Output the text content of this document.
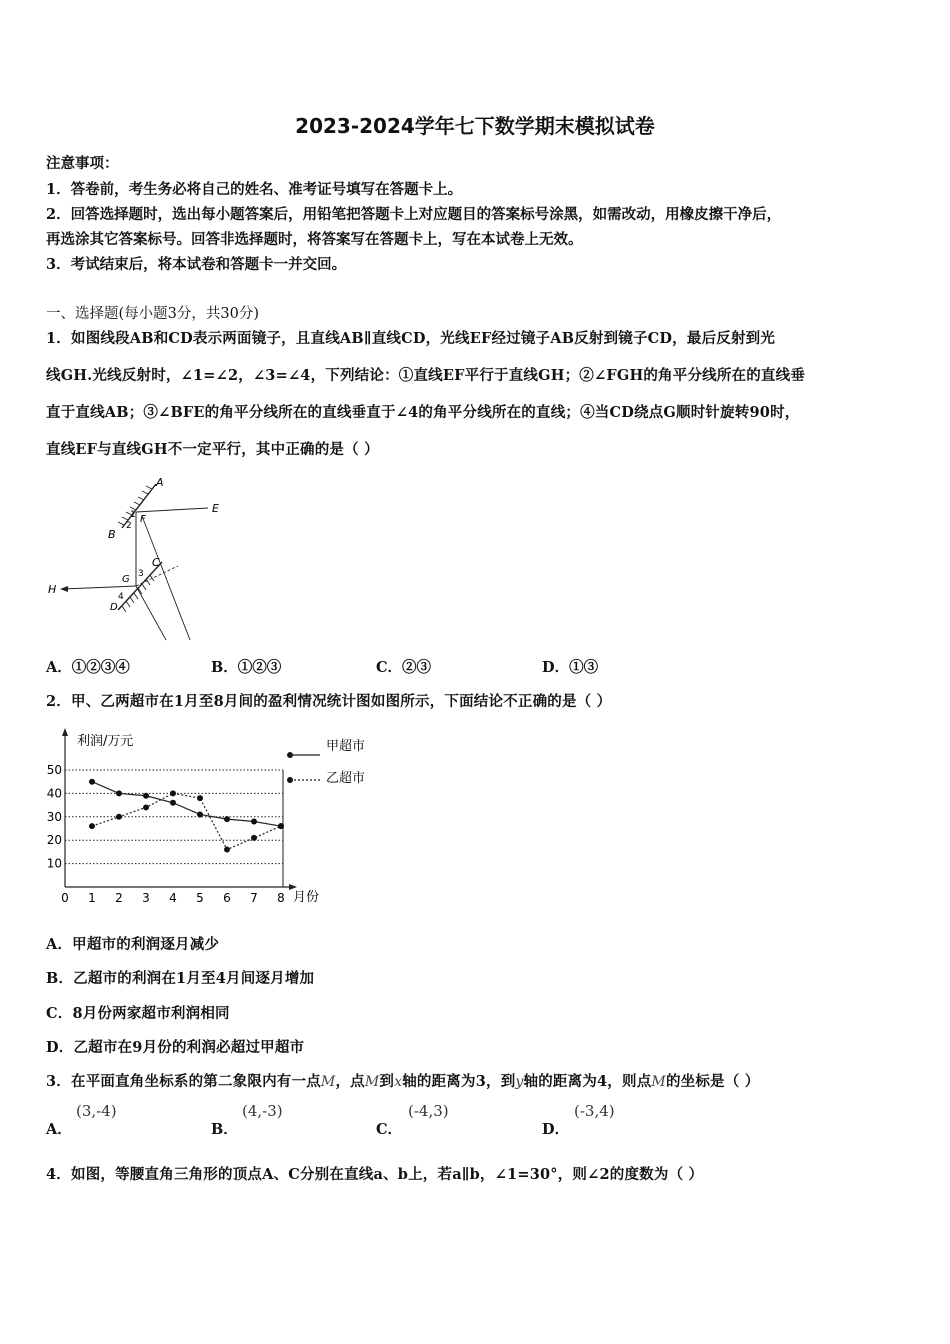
2023-2024学年七下数学期末模拟试卷
注意事项：
1．答卷前，考生务必将自己的姓名、准考证号填写在答题卡上。
2．回答选择题时，选出每小题答案后，用铅笔把答题卡上对应题目的答案标号涂黑，如需改动，用橡皮擦干净后，
再选涂其它答案标号。回答非选择题时，将答案写在答题卡上，写在本试卷上无效。
3．考试结束后，将本试卷和答题卡一并交回。
一、选择题(每小题3分，共30分)
1．如图线段AB和CD表示两面镜子，且直线AB∥直线CD，光线EF经过镜子AB反射到镜子CD，最后反射到光
线GH.光线反射时，∠1=∠2，∠3=∠4，下列结论：①直线EF平行于直线GH；②∠FGH的角平分线所在的直线垂
直于直线AB；③∠BFE的角平分线所在的直线垂直于∠4的角平分线所在的直线；④当CD绕点G顺时针旋转90时，
直线EF与直线GH不一定平行，其中正确的是（ ）
A
E
B
F
1
2
C
G 3
4
H
D
A．①②③④	B．①②③	C．②③	D．①③
2．甲、乙两超市在1月至8月间的盈利情况统计图如图所示，下面结论不正确的是（ ）
10
20
30
40
50
利润/万元
月份
0 1 2 3 4 5 6 7 8
甲超市
乙超市
A．甲超市的利润逐月减少
B．乙超市的利润在1月至4月间逐月增加
C．8月份两家超市利润相同
D．乙超市在9月份的利润必超过甲超市
3．在平面直角坐标系的第二象限内有一点M，点M到x轴的距离为3，到y轴的距离为4，则点M的坐标是（ ）
A．
(3,-4)
B．
(4,-3)
C．
(-4,3)
D．
(-3,4)
4．如图，等腰直角三角形的顶点A、C分别在直线a、b上，若a∥b，∠1=30°，则∠2的度数为（ ）
